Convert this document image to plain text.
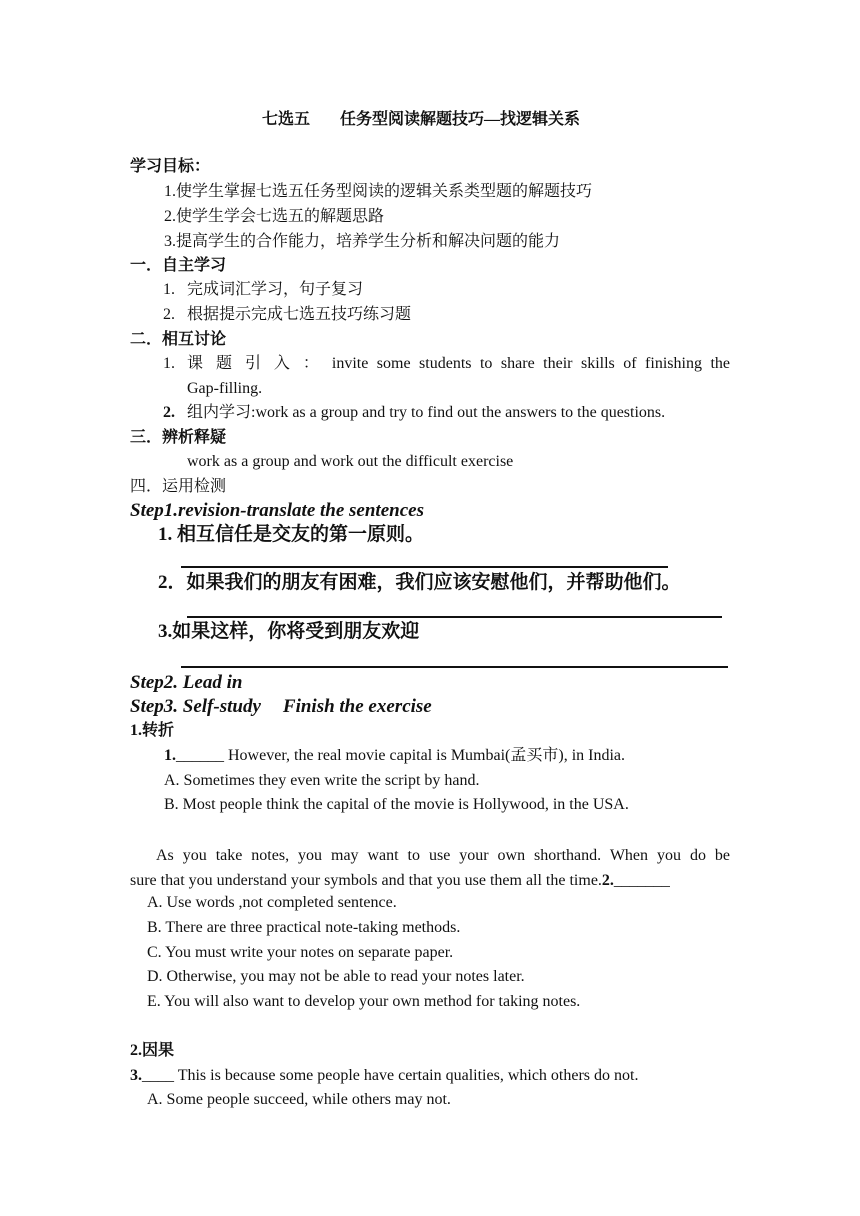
七选五 任务型阅读解题技巧—找逻辑关系
学习目标：
1.使学生掌握七选五任务型阅读的逻辑关系类型题的解题技巧
2.使学生学会七选五的解题思路
3.提高学生的合作能力，培养学生分析和解决问题的能力
一．自主学习
1. 完成词汇学习，句子复习
2. 根据提示完成七选五技巧练习题
二．相互讨论
1. 课 题 引 入 ： invite some students to share their skills of finishing the
Gap-filling.
2. 组内学习:work as a group and try to find out the answers to the questions.
三．辨析释疑
work as a group and work out the difficult exercise
四．运用检测
Step1.revision-translate the sentences
1. 相互信任是交友的第一原则。
2．如果我们的朋友有困难，我们应该安慰他们，并帮助他们。
3.如果这样，你将受到朋友欢迎
Step2. Lead in
Step3. Self-study Finish the exercise
1.转折
1.______ However, the real movie capital is Mumbai(孟买市), in India.
A. Sometimes they even write the script by hand.
B. Most people think the capital of the movie is Hollywood, in the USA.

As you take notes, you may want to use your own shorthand. When you do be

sure that you understand your symbols and that you use them all the time.2._______

A. Use words ,not completed sentence.
B. There are three practical note-taking methods.
C. You must write your notes on separate paper.
D. Otherwise, you may not be able to read your notes later.
E. You will also want to develop your own method for taking notes.
2.因果
3.____ This is because some people have certain qualities, which others do not.
A. Some people succeed, while others may not.
